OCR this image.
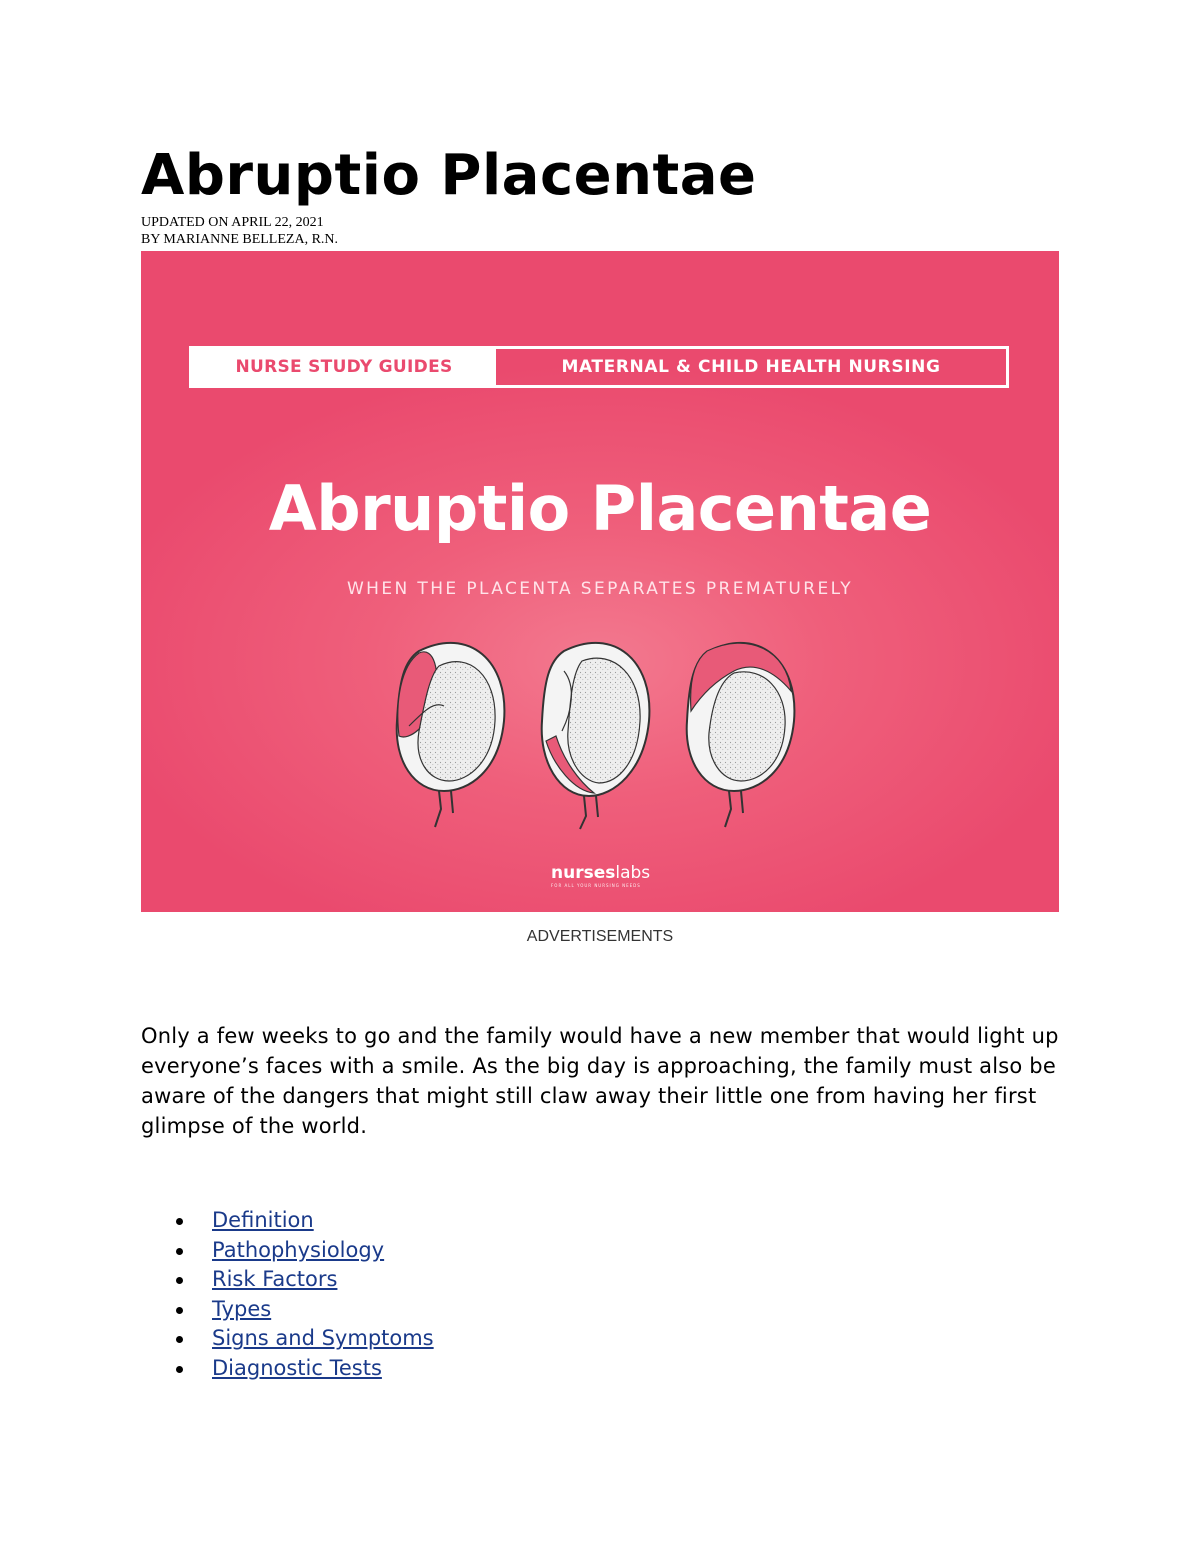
Abruptio Placentae
UPDATED ON APRIL 22, 2021
BY MARIANNE BELLEZA, R.N.
NURSE STUDY GUIDES	MATERNAL & CHILD HEALTH NURSING
Abruptio Placentae
WHEN THE PLACENTA SEPARATES PREMATURELY
nurseslabs
FOR ALL YOUR NURSING NEEDS
ADVERTISEMENTS

Only a few weeks to go and the family would have a new member that would light up everyone’s faces with a smile. As the big day is approaching, the family must also be aware of the dangers that might still claw away their little one from having her first glimpse of the world.

Definition
Pathophysiology
Risk Factors
Types
Signs and Symptoms
Diagnostic Tests
